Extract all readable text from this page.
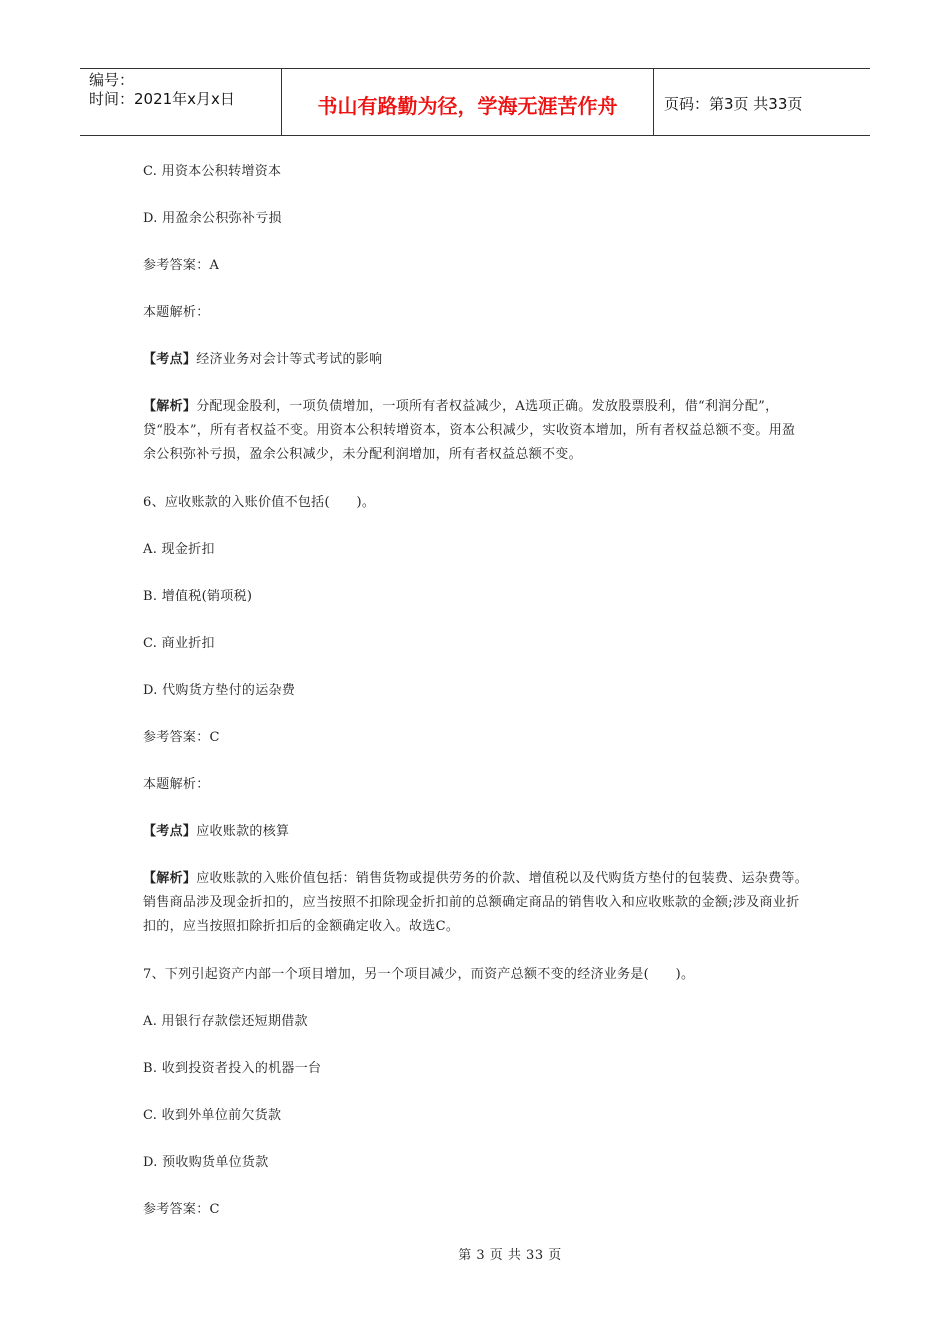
编号：
时间：2021年x月x日	书山有路勤为径，学海无涯苦作舟	页码：第3页 共33页

C. 用资本公积转增资本

D. 用盈余公积弥补亏损

参考答案：A

本题解析：

【考点】经济业务对会计等式考试的影响

【解析】分配现金股利，一项负债增加，一项所有者权益减少，A选项正确。发放股票股利，借“利润分配”，贷“股本”，所有者权益不变。用资本公积转增资本，资本公积减少，实收资本增加，所有者权益总额不变。用盈余公积弥补亏损，盈余公积减少，未分配利润增加，所有者权益总额不变。

6、应收账款的入账价值不包括(　　)。

A. 现金折扣

B. 增值税(销项税)

C. 商业折扣

D. 代购货方垫付的运杂费

参考答案：C

本题解析：

【考点】应收账款的核算

【解析】应收账款的入账价值包括：销售货物或提供劳务的价款、增值税以及代购货方垫付的包装费、运杂费等。销售商品涉及现金折扣的，应当按照不扣除现金折扣前的总额确定商品的销售收入和应收账款的金额;涉及商业折扣的，应当按照扣除折扣后的金额确定收入。故选C。

7、下列引起资产内部一个项目增加，另一个项目减少，而资产总额不变的经济业务是(　　)。

A. 用银行存款偿还短期借款

B. 收到投资者投入的机器一台

C. 收到外单位前欠货款

D. 预收购货单位货款

参考答案：C

第 3 页 共 33 页
